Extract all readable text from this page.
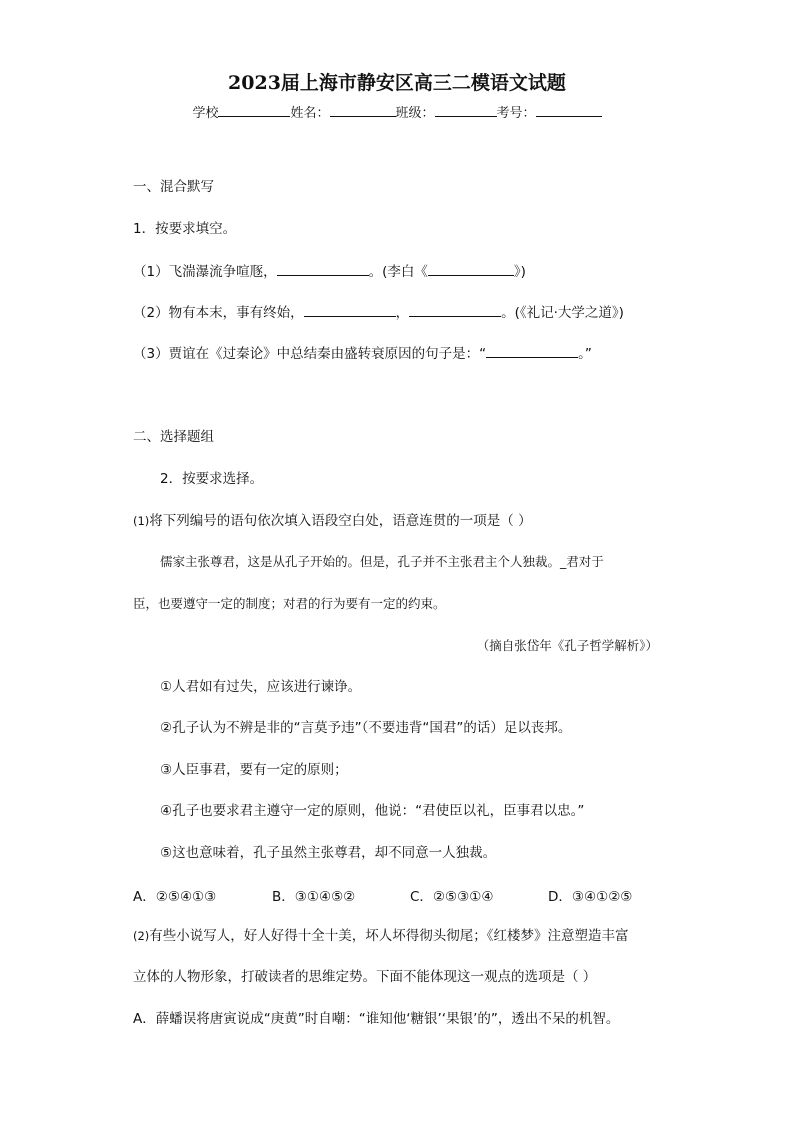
2023届上海市静安区高三二模语文试题
学校	姓名：	班级：	考号：
一、混合默写
1．按要求填空。
（1）飞湍瀑流争喧豗，	。(李白《	》)
（2）物有本末，事有终始，	，	。(《礼记·大学之道》)
（3）贾谊在《过秦论》中总结秦由盛转衰原因的句子是：“	。”
二、选择题组
2．按要求选择。
(1)将下列编号的语句依次填入语段空白处，语意连贯的一项是（ ）
儒家主张尊君，这是从孔子开始的。但是，孔子并不主张君主个人独裁。_君对于
臣，也要遵守一定的制度；对君的行为要有一定的约束。
（摘自张岱年《孔子哲学解析》）
①人君如有过失，应该进行谏诤。
②孔子认为不辨是非的“言莫予违”（不要违背“国君”的话）足以丧邦。
③人臣事君，要有一定的原则；
④孔子也要求君主遵守一定的原则，他说：“君使臣以礼，臣事君以忠。”
⑤这也意味着，孔子虽然主张尊君，却不同意一人独裁。
A．②⑤④①③	B．③①④⑤②	C．②⑤③①④	D．③④①②⑤
(2)有些小说写人，好人好得十全十美，坏人坏得彻头彻尾；《红楼梦》注意塑造丰富
立体的人物形象，打破读者的思维定势。下面不能体现这一观点的选项是（ ）
A．薛蟠误将唐寅说成“庚黄”时自嘲：“谁知他‘糖银’‘果银’的”，透出不呆的机智。
